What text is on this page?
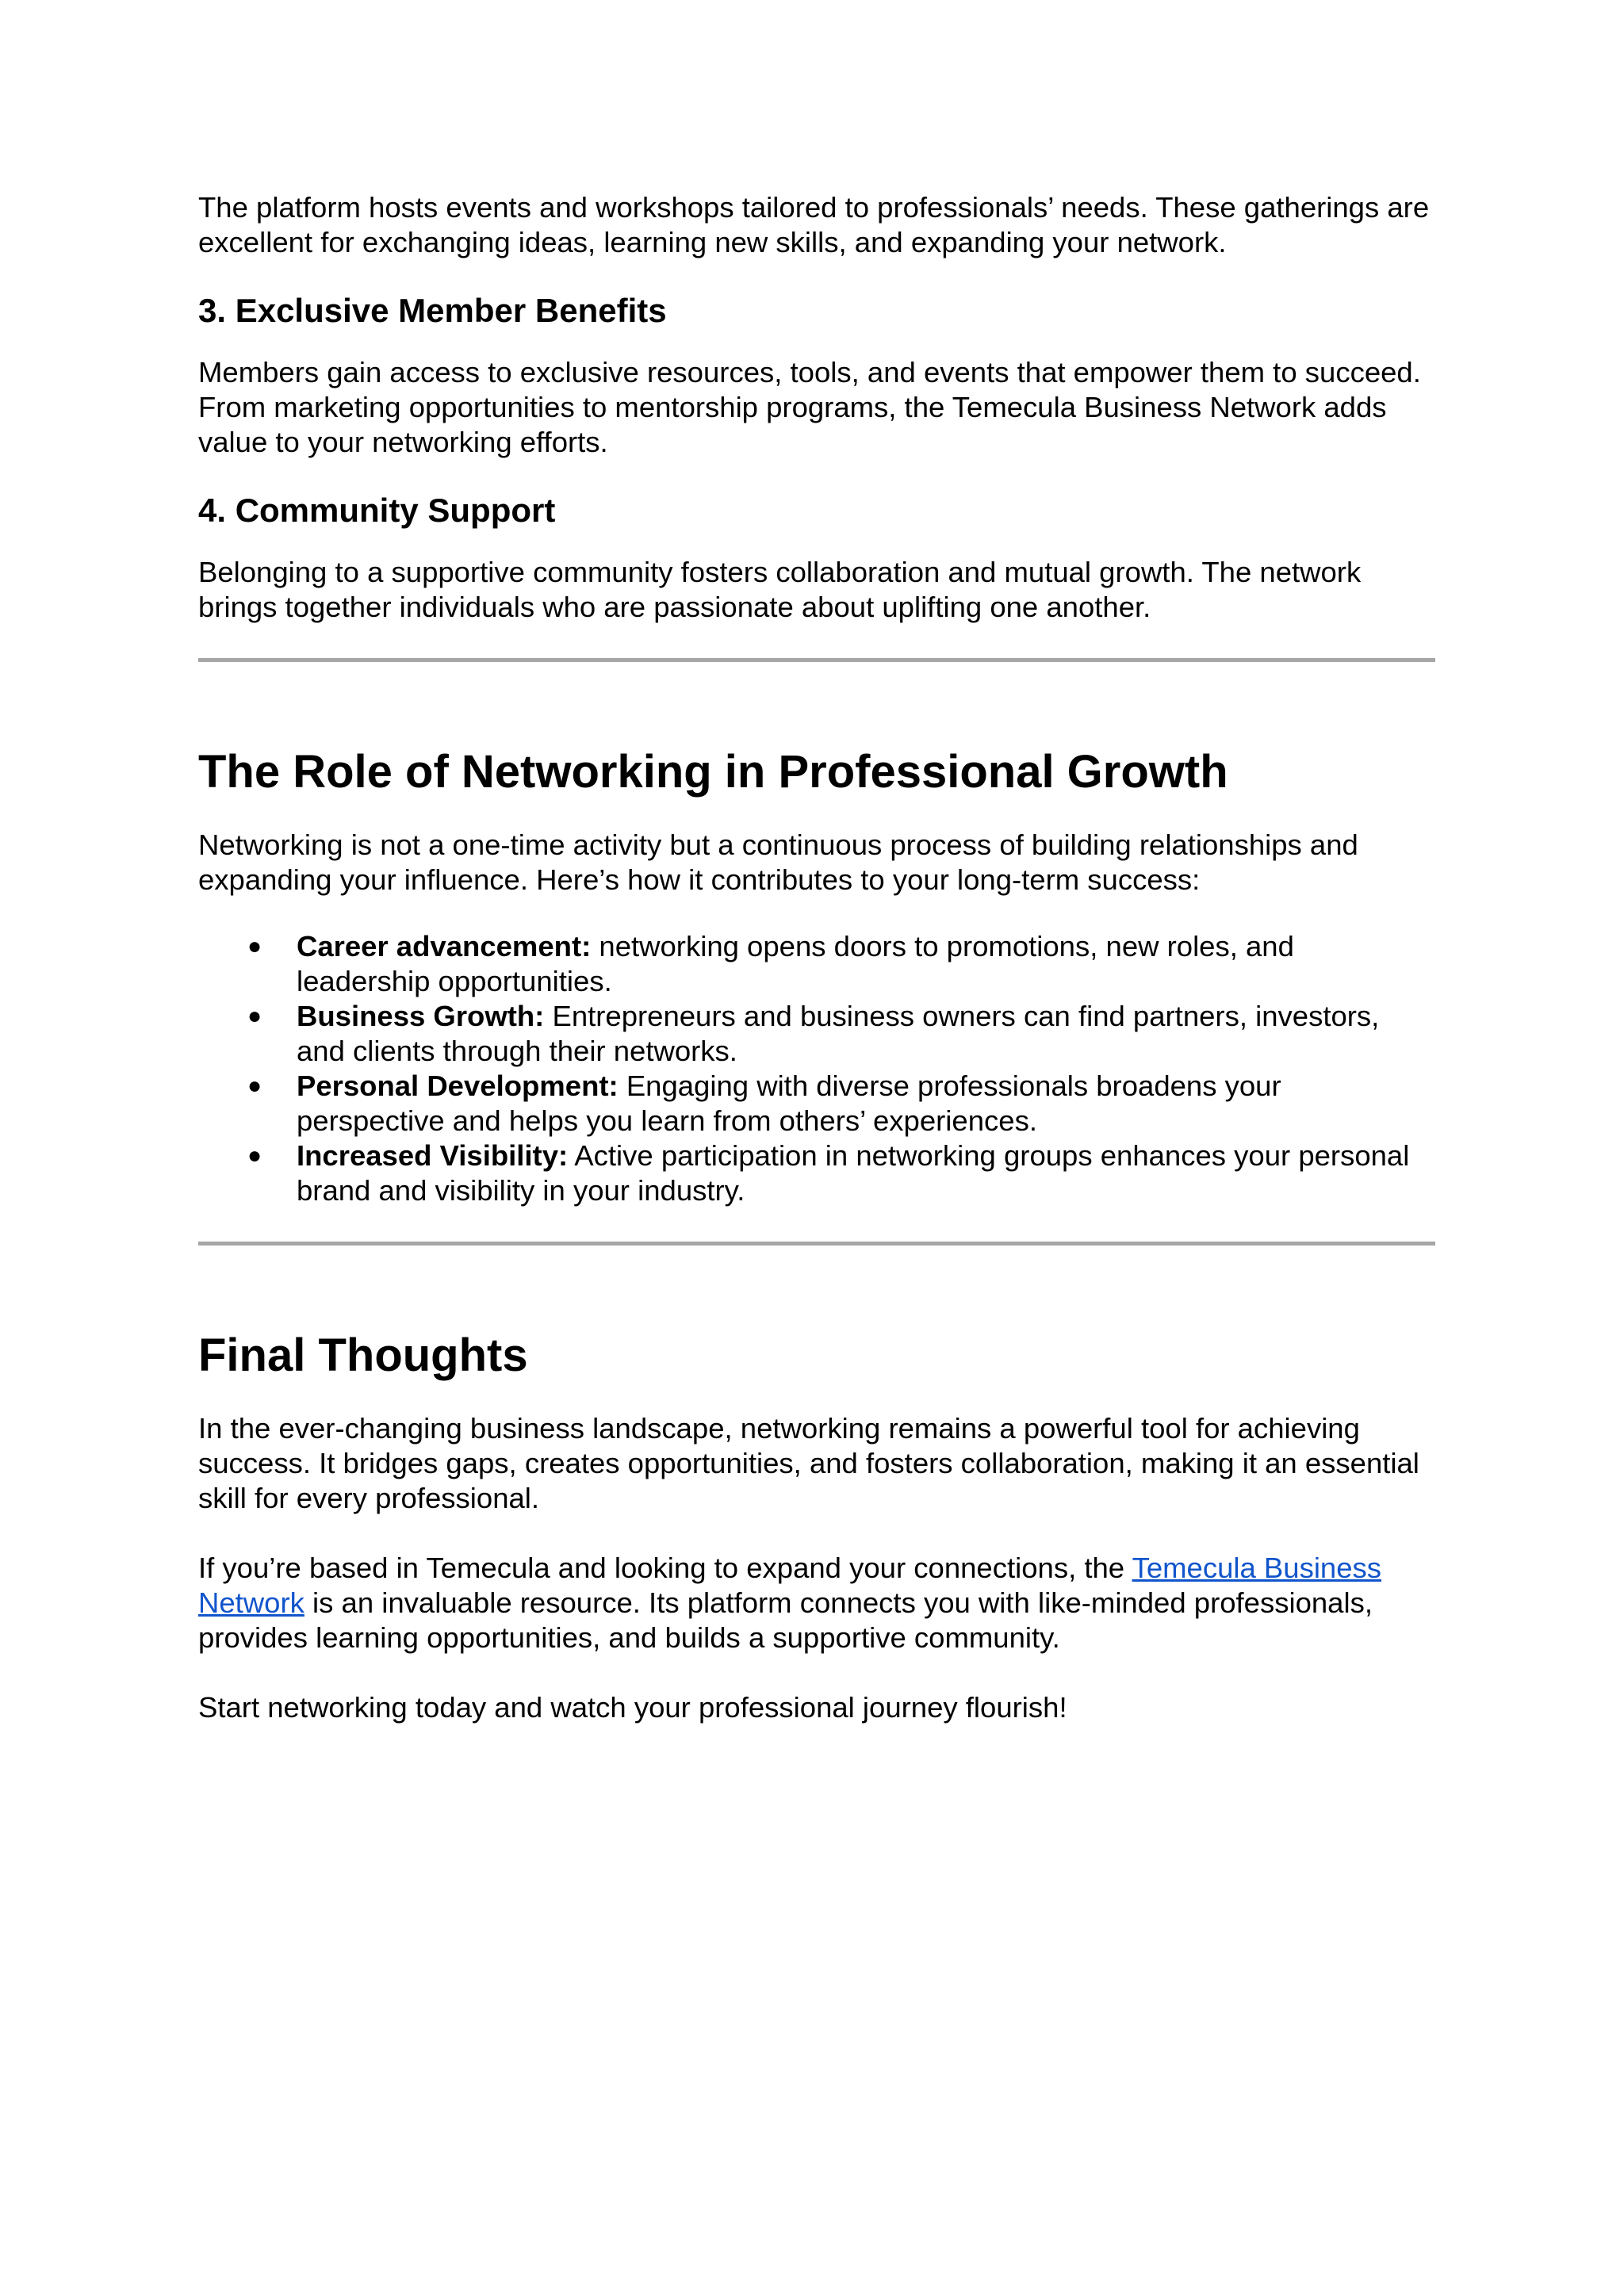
The platform hosts events and workshops tailored to professionals’ needs. These gatherings are excellent for exchanging ideas, learning new skills, and expanding your network.

3. Exclusive Member Benefits

Members gain access to exclusive resources, tools, and events that empower them to succeed. From marketing opportunities to mentorship programs, the Temecula Business Network adds value to your networking efforts.

4. Community Support

Belonging to a supportive community fosters collaboration and mutual growth. The network brings together individuals who are passionate about uplifting one another.

The Role of Networking in Professional Growth

Networking is not a one-time activity but a continuous process of building relationships and expanding your influence. Here’s how it contributes to your long-term success:

● Career advancement: networking opens doors to promotions, new roles, and leadership opportunities.
● Business Growth: Entrepreneurs and business owners can find partners, investors, and clients through their networks.
● Personal Development: Engaging with diverse professionals broadens your perspective and helps you learn from others’ experiences.
● Increased Visibility: Active participation in networking groups enhances your personal brand and visibility in your industry.
Final Thoughts

In the ever-changing business landscape, networking remains a powerful tool for achieving success. It bridges gaps, creates opportunities, and fosters collaboration, making it an essential skill for every professional.

If you’re based in Temecula and looking to expand your connections, the Temecula Business Network is an invaluable resource. Its platform connects you with like-minded professionals, provides learning opportunities, and builds a supportive community.

Start networking today and watch your professional journey flourish!
